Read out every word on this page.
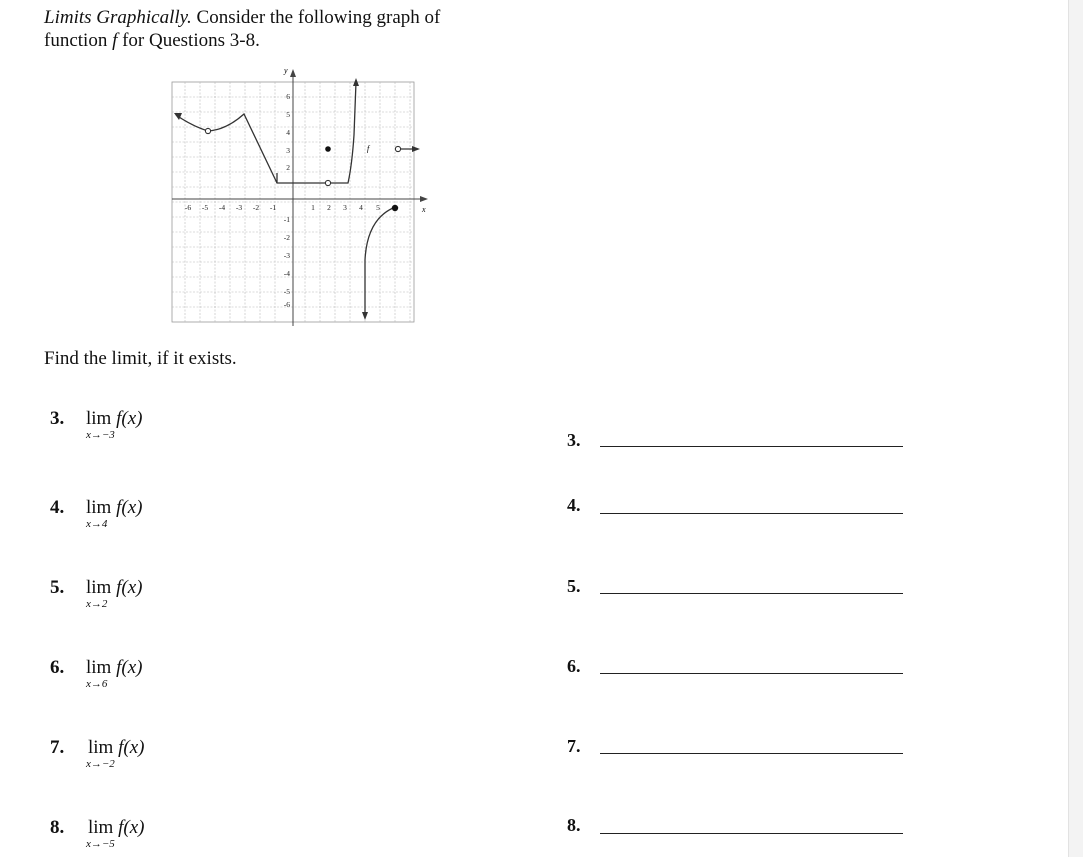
Limits Graphically. Consider the following graph of
function f for Questions 3-8.
y
x
-6 -5 -4 -3 -2 -1	1 2 3 4 5
2
3
4
5
6
-1
-2
-3
-4
-5
-6
f
Find the limit, if it exists.
3. lim f(x)
x→−3	3.
4. lim f(x)
x→4
4.
5. lim f(x)
x→2
5.
6. lim f(x)
x→6
6.
7. lim f(x)
x→−2
7.
8. lim f(x)
x→−5
8.
